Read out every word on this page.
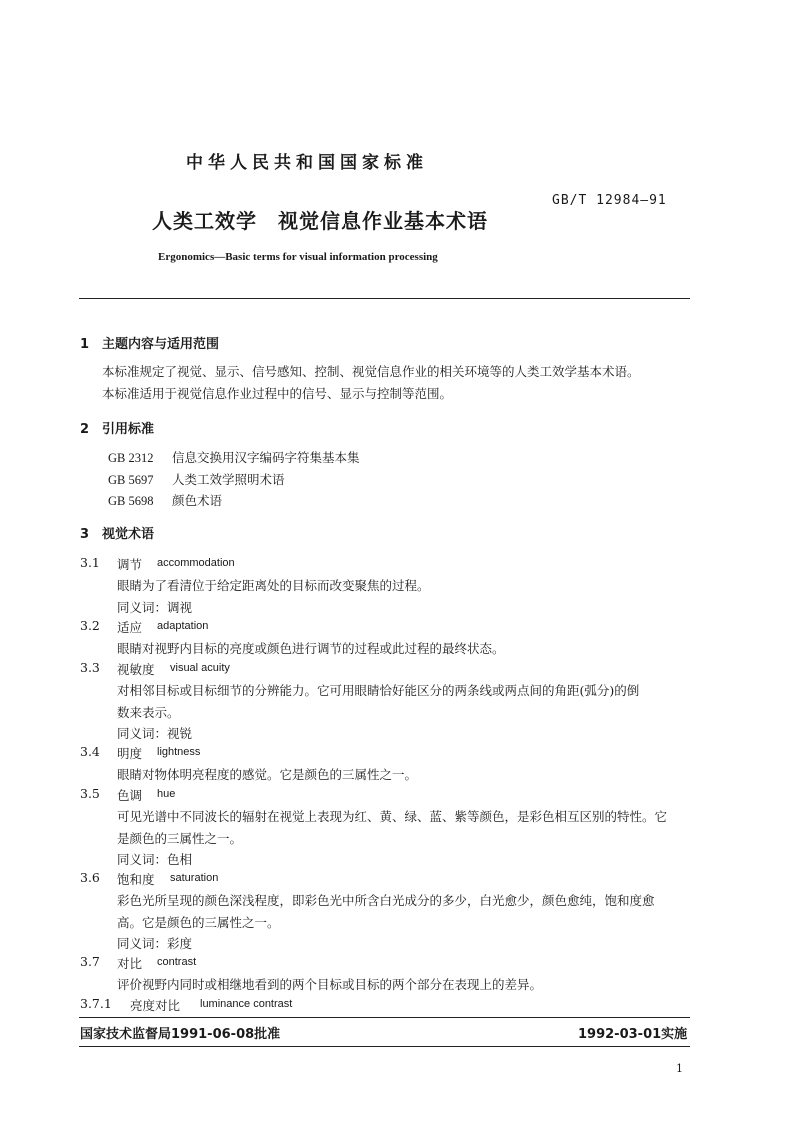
中华人民共和国国家标准
GB/T 12984—91
人类工效学　视觉信息作业基本术语
Ergonomics—Basic terms for visual information processing
1 主题内容与适用范围
本标准规定了视觉、显示、信号感知、控制、视觉信息作业的相关环境等的人类工效学基本术语。
本标准适用于视觉信息作业过程中的信号、显示与控制等范围。
2 引用标准
GB 2312 信息交换用汉字编码字符集基本集
GB 5697 人类工效学照明术语
GB 5698 颜色术语
3 视觉术语
3.1 调节 accommodation
眼睛为了看清位于给定距离处的目标而改变聚焦的过程。
同义词：调视
3.2 适应 adaptation
眼睛对视野内目标的亮度或颜色进行调节的过程或此过程的最终状态。
3.3 视敏度 visual acuity
对相邻目标或目标细节的分辨能力。它可用眼睛恰好能区分的两条线或两点间的角距(弧分)的倒
数来表示。
同义词：视锐
3.4 明度 lightness
眼睛对物体明亮程度的感觉。它是颜色的三属性之一。
3.5 色调 hue
可见光谱中不同波长的辐射在视觉上表现为红、黄、绿、蓝、紫等颜色，是彩色相互区别的特性。它
是颜色的三属性之一。
同义词：色相
3.6 饱和度 saturation
彩色光所呈现的颜色深浅程度，即彩色光中所含白光成分的多少，白光愈少，颜色愈纯，饱和度愈
高。它是颜色的三属性之一。
同义词：彩度
3.7 对比 contrast
评价视野内同时或相继地看到的两个目标或目标的两个部分在表现上的差异。
3.7.1 亮度对比 luminance contrast
国家技术监督局1991-06-08批准	1992-03-01实施
1
